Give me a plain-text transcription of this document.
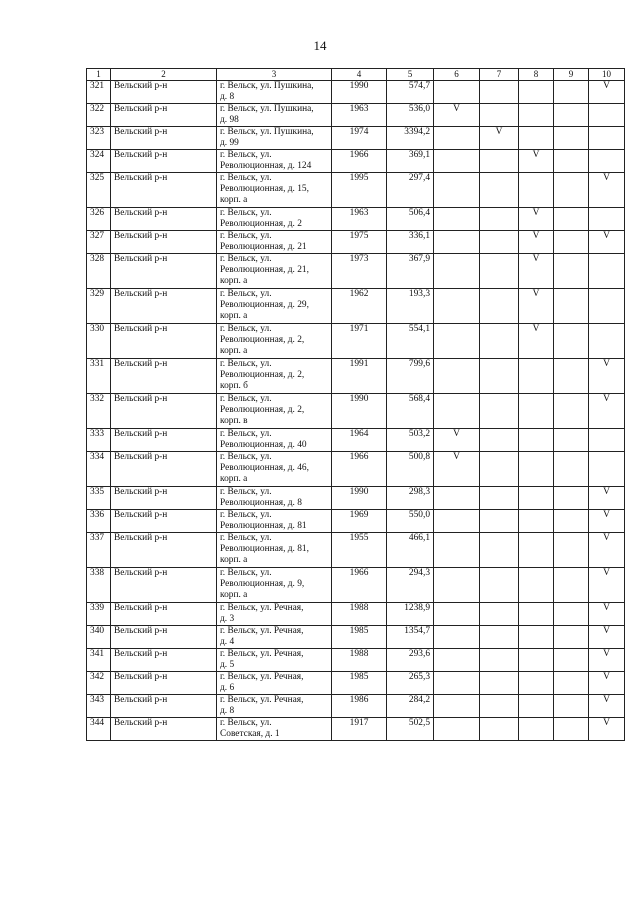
14
1	2	3	4	5	6	7	8	9	10
321	Вельский р-н	г. Вельск, ул. Пушкина,
д. 8	1990	574,7					V
322	Вельский р-н	г. Вельск, ул. Пушкина,
д. 98	1963	536,0	V				
323	Вельский р-н	г. Вельск, ул. Пушкина,
д. 99	1974	3394,2		V			
324	Вельский р-н	г. Вельск, ул.
Революционная, д. 124	1966	369,1			V		
325	Вельский р-н	г. Вельск, ул.
Революционная, д. 15,
корп. а	1995	297,4					V
326	Вельский р-н	г. Вельск, ул.
Революционная, д. 2	1963	506,4			V		
327	Вельский р-н	г. Вельск, ул.
Революционная, д. 21	1975	336,1			V		V
328	Вельский р-н	г. Вельск, ул.
Революционная, д. 21,
корп. а	1973	367,9			V		
329	Вельский р-н	г. Вельск, ул.
Революционная, д. 29,
корп. а	1962	193,3			V		
330	Вельский р-н	г. Вельск, ул.
Революционная, д. 2,
корп. а	1971	554,1			V		
331	Вельский р-н	г. Вельск, ул.
Революционная, д. 2,
корп. б	1991	799,6					V
332	Вельский р-н	г. Вельск, ул.
Революционная, д. 2,
корп. в	1990	568,4					V
333	Вельский р-н	г. Вельск, ул.
Революционная, д. 40	1964	503,2	V				
334	Вельский р-н	г. Вельск, ул.
Революционная, д. 46,
корп. а	1966	500,8	V				
335	Вельский р-н	г. Вельск, ул.
Революционная, д. 8	1990	298,3					V
336	Вельский р-н	г. Вельск, ул.
Революционная, д. 81	1969	550,0					V
337	Вельский р-н	г. Вельск, ул.
Революционная, д. 81,
корп. а	1955	466,1					V
338	Вельский р-н	г. Вельск, ул.
Революционная, д. 9,
корп. а	1966	294,3					V
339	Вельский р-н	г. Вельск, ул. Речная,
д. 3	1988	1238,9					V
340	Вельский р-н	г. Вельск, ул. Речная,
д. 4	1985	1354,7					V
341	Вельский р-н	г. Вельск, ул. Речная,
д. 5	1988	293,6					V
342	Вельский р-н	г. Вельск, ул. Речная,
д. 6	1985	265,3					V
343	Вельский р-н	г. Вельск, ул. Речная,
д. 8	1986	284,2					V
344	Вельский р-н	г. Вельск, ул.
Советская, д. 1	1917	502,5					V
